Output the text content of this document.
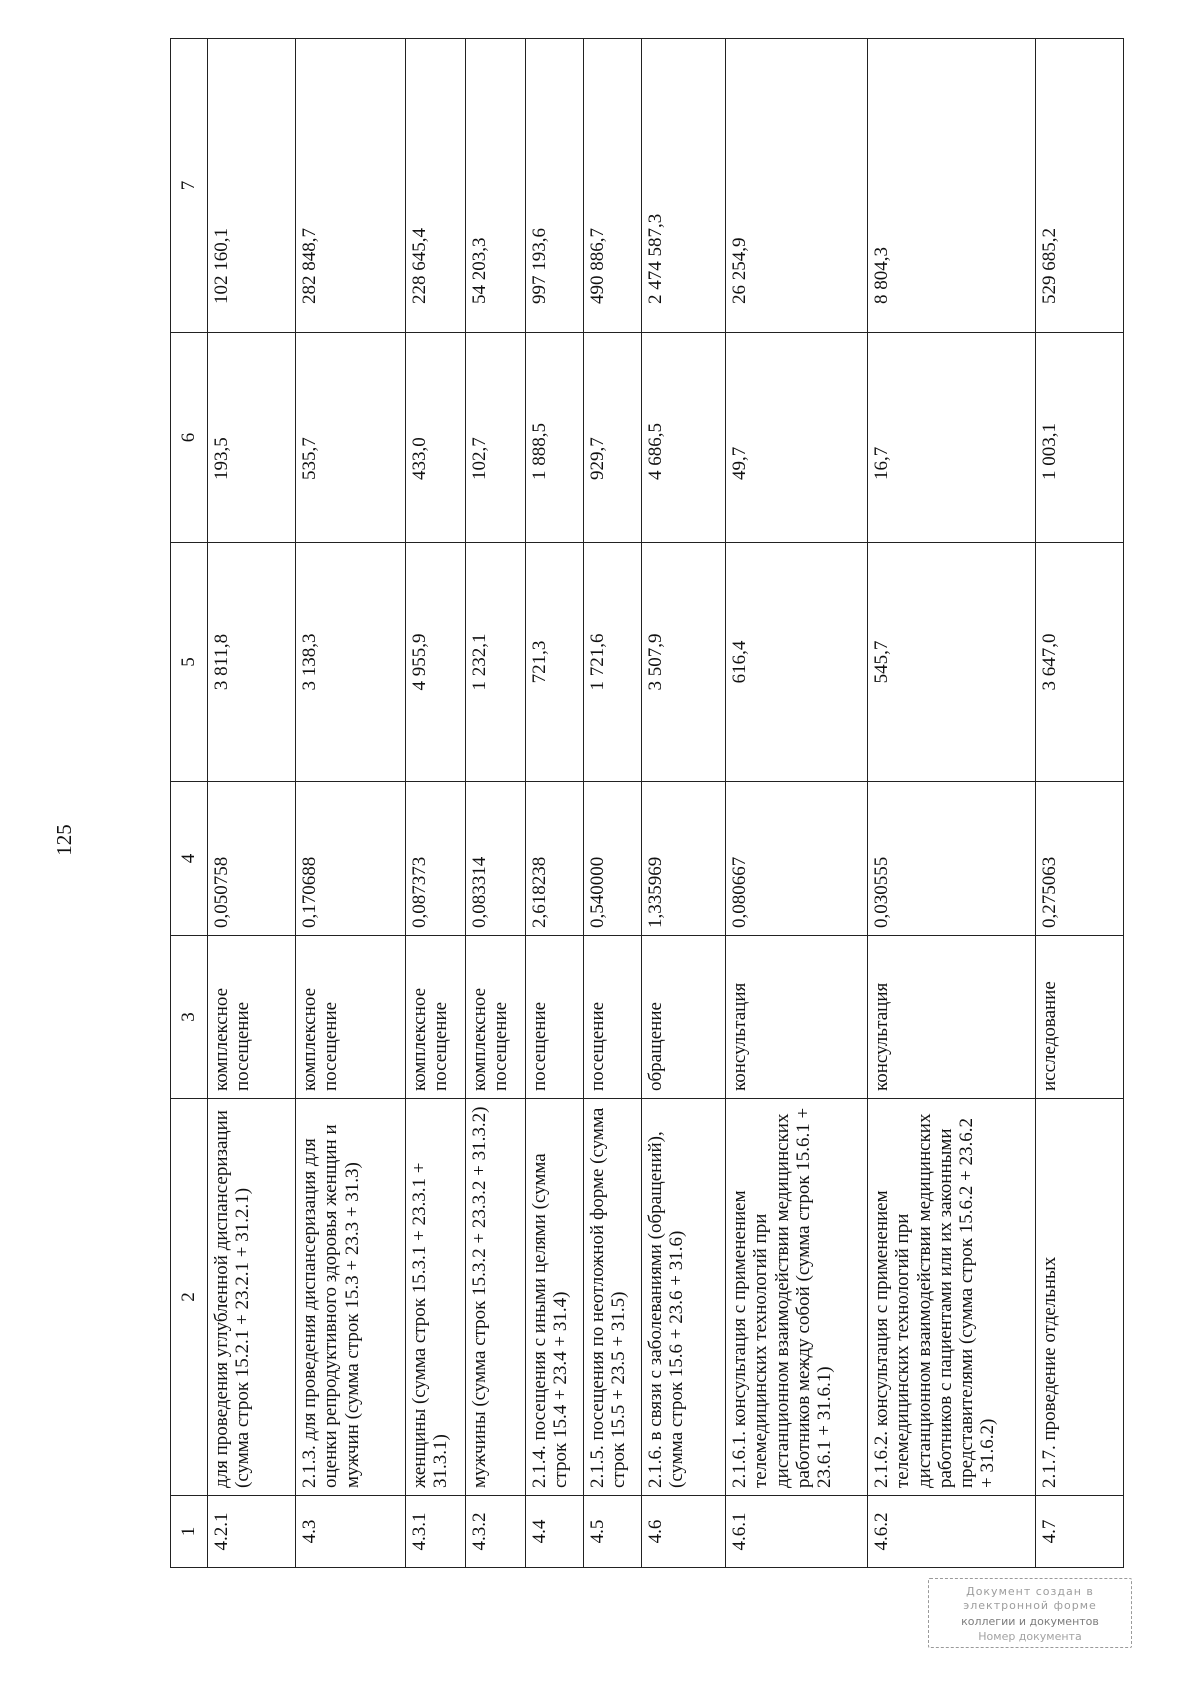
125
1	2	3	4	5	6	7
4.2.1	для проведения углубленной диспансеризации (сумма строк 15.2.1 + 23.2.1 + 31.2.1)	комплексное посещение	0,050758	3 811,8	193,5	102 160,1
4.3	2.1.3. для проведения диспансеризация для оценки репродуктивного здоровья женщин и мужчин (сумма строк 15.3 + 23.3 + 31.3)	комплексное посещение	0,170688	3 138,3	535,7	282 848,7
4.3.1	женщины (сумма строк 15.3.1 + 23.3.1 + 31.3.1)	комплексное посещение	0,087373	4 955,9	433,0	228 645,4
4.3.2	мужчины (сумма строк 15.3.2 + 23.3.2 + 31.3.2)	комплексное посещение	0,083314	1 232,1	102,7	54 203,3
4.4	2.1.4. посещения с иными целями (сумма строк 15.4 + 23.4 + 31.4)	посещение	2,618238	721,3	1 888,5	997 193,6
4.5	2.1.5. посещения по неотложной форме (сумма строк 15.5 + 23.5 + 31.5)	посещение	0,540000	1 721,6	929,7	490 886,7
4.6	2.1.6. в связи с заболеваниями (обращений), (сумма строк 15.6 + 23.6 + 31.6)	обращение	1,335969	3 507,9	4 686,5	2 474 587,3
4.6.1	2.1.6.1. консультация с применением телемедицинских технологий при дистанционном взаимодействии медицинских работников между собой (сумма строк 15.6.1 + 23.6.1 + 31.6.1)	консультация	0,080667	616,4	49,7	26 254,9
4.6.2	2.1.6.2. консультация с применением телемедицинских технологий при дистанционном взаимодействии медицинских работников с пациентами или их законными представителями (сумма строк 15.6.2 + 23.6.2 + 31.6.2)	консультация	0,030555	545,7	16,7	8 804,3
4.7	2.1.7. проведение отдельных	исследование	0,275063	3 647,0	1 003,1	529 685,2
Документ создан в электронной форме
коллегии и документов
Номер документа
